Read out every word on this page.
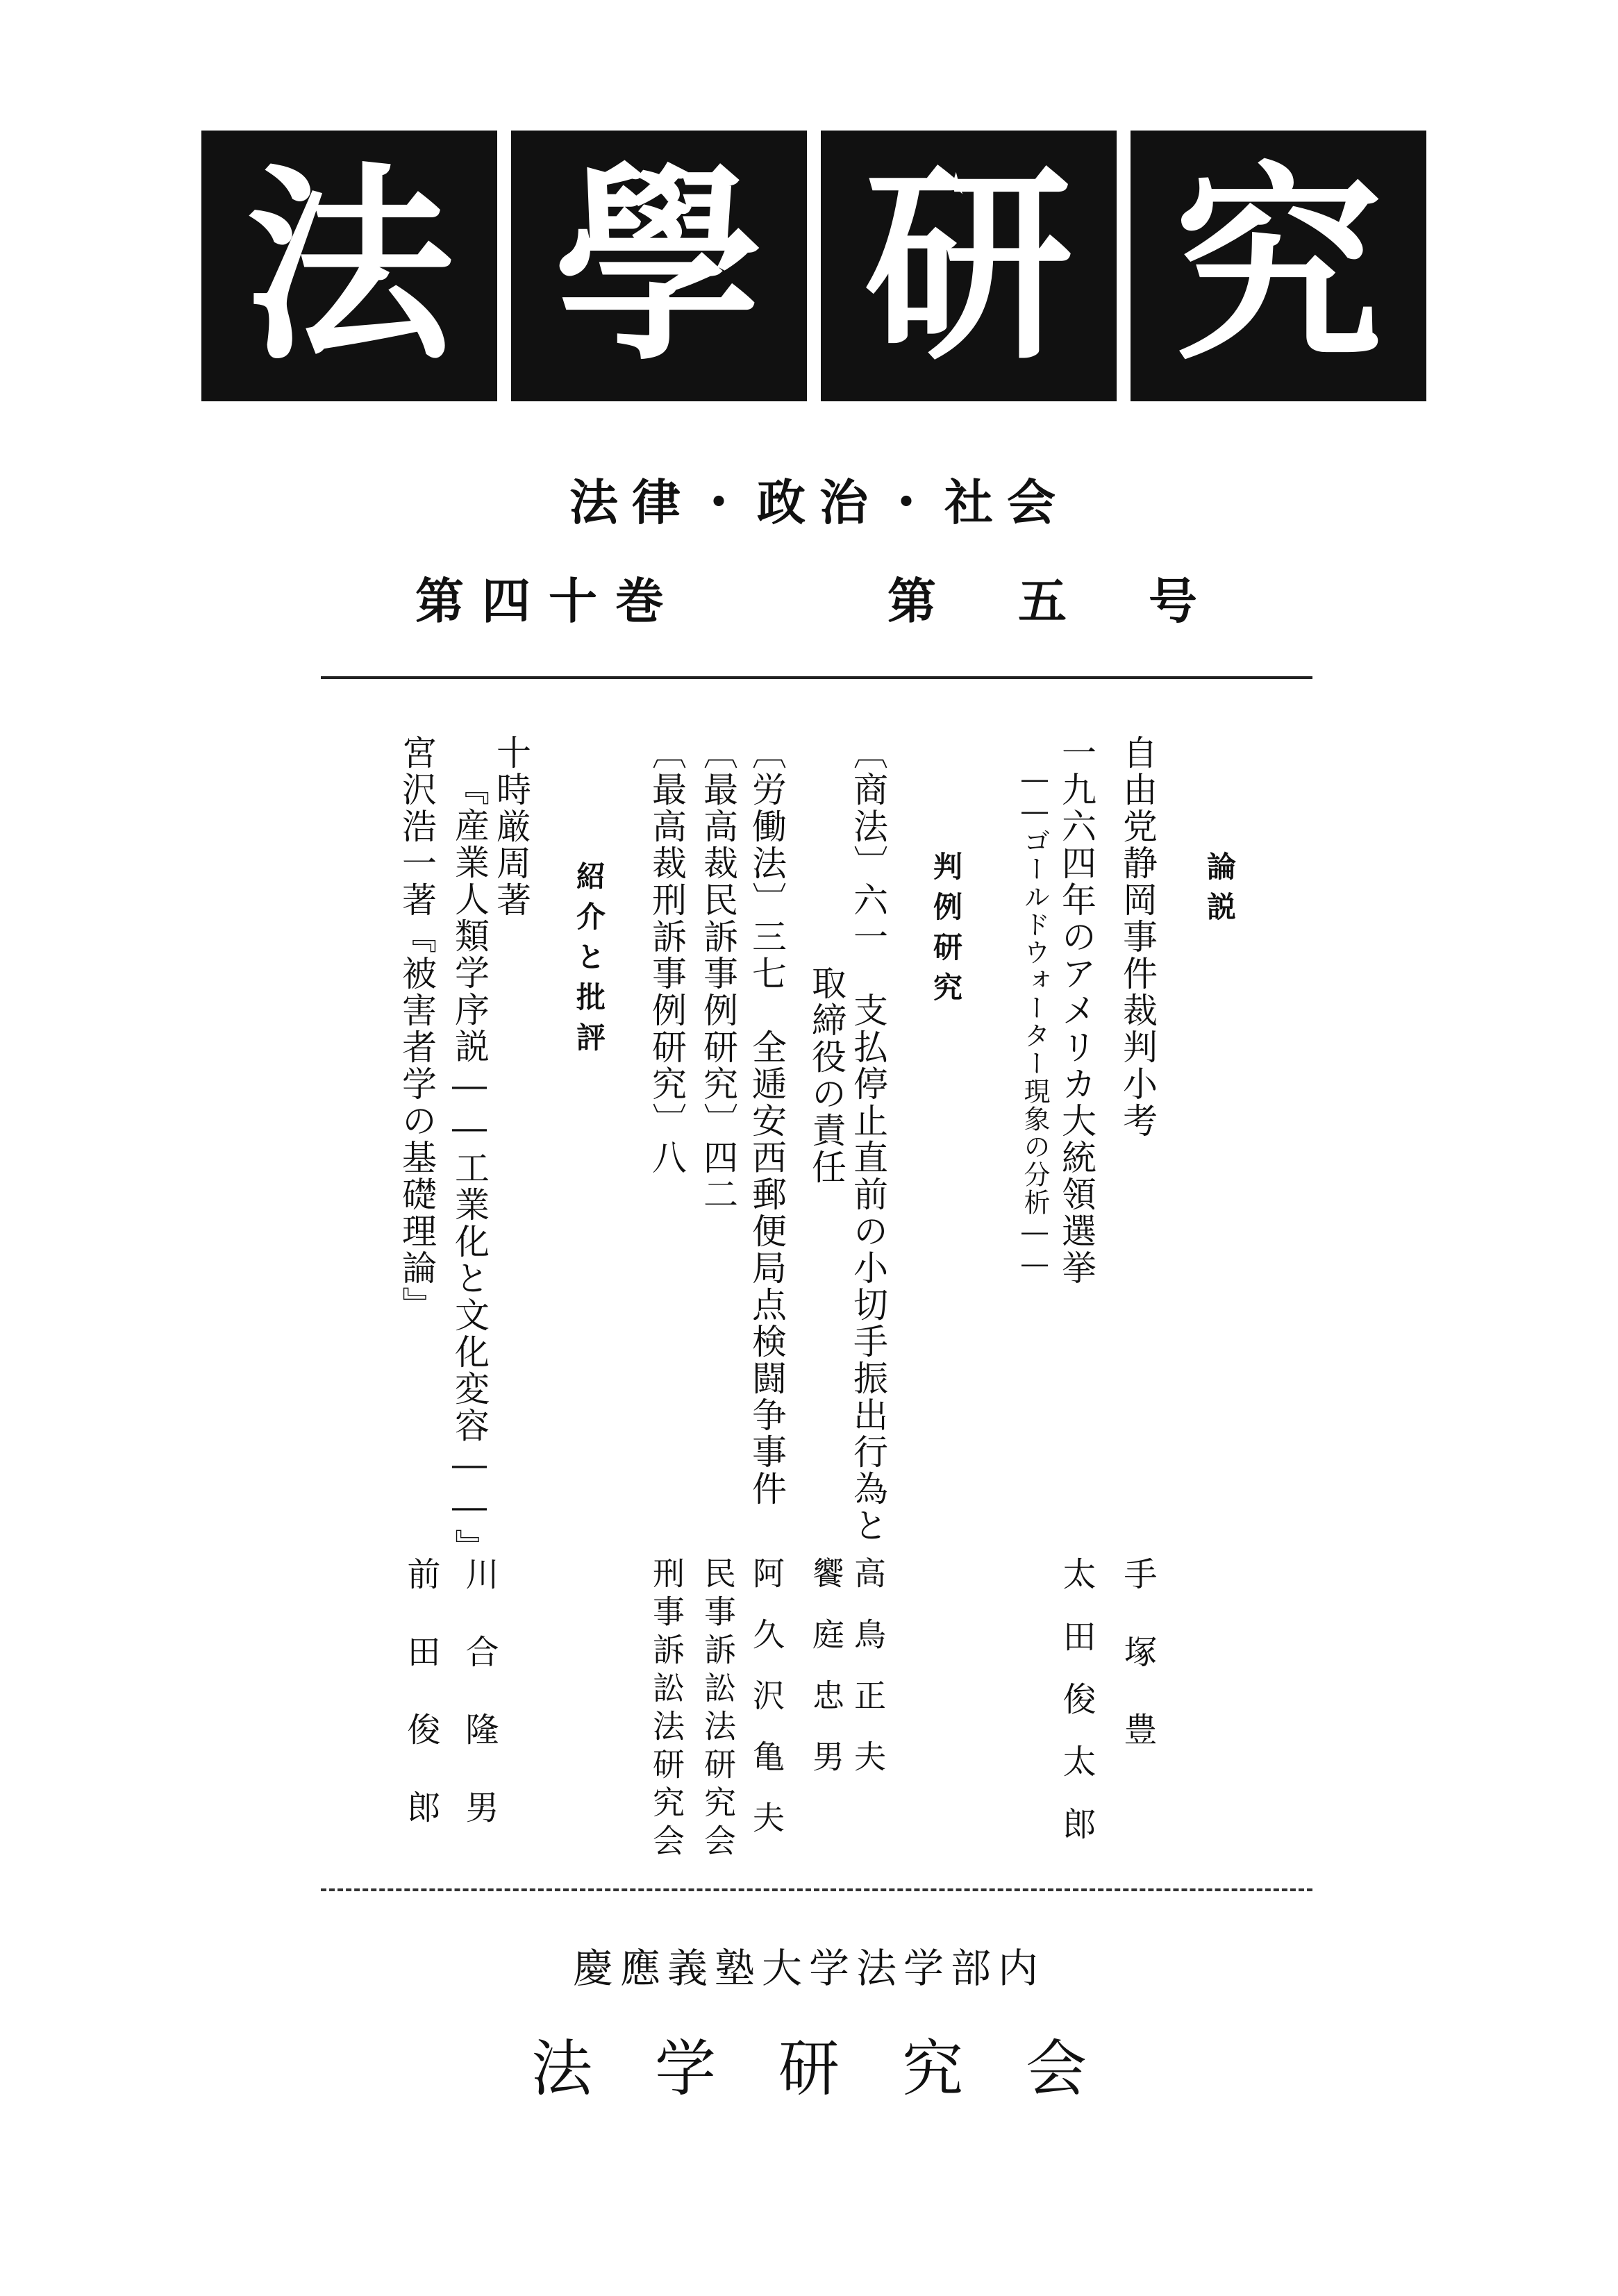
法 學 研 究
法律・政治・社会
第四十巻	第五号
論説
自由党静岡事件裁判小考
手塚豊
一九六四年のアメリカ大統領選挙
――ゴールドウォーター現象の分析――
太田俊太郎
判例研究
〔商法〕六一　支払停止直前の小切手振出行為と
取締役の責任
高鳥正夫
饗庭忠男
〔労働法〕三七　全逓安西郵便局点検闘争事件
阿久沢亀夫
〔最高裁民訴事例研究〕四二
民事訴訟法研究会
〔最高裁刑訴事例研究〕八
刑事訴訟法研究会
紹介と批評
十時厳周著
『産業人類学序説――工業化と文化変容――』
川合隆男
宮沢浩一著『被害者学の基礎理論』
前田俊郎
慶應義塾大学法学部内
法学研究会
